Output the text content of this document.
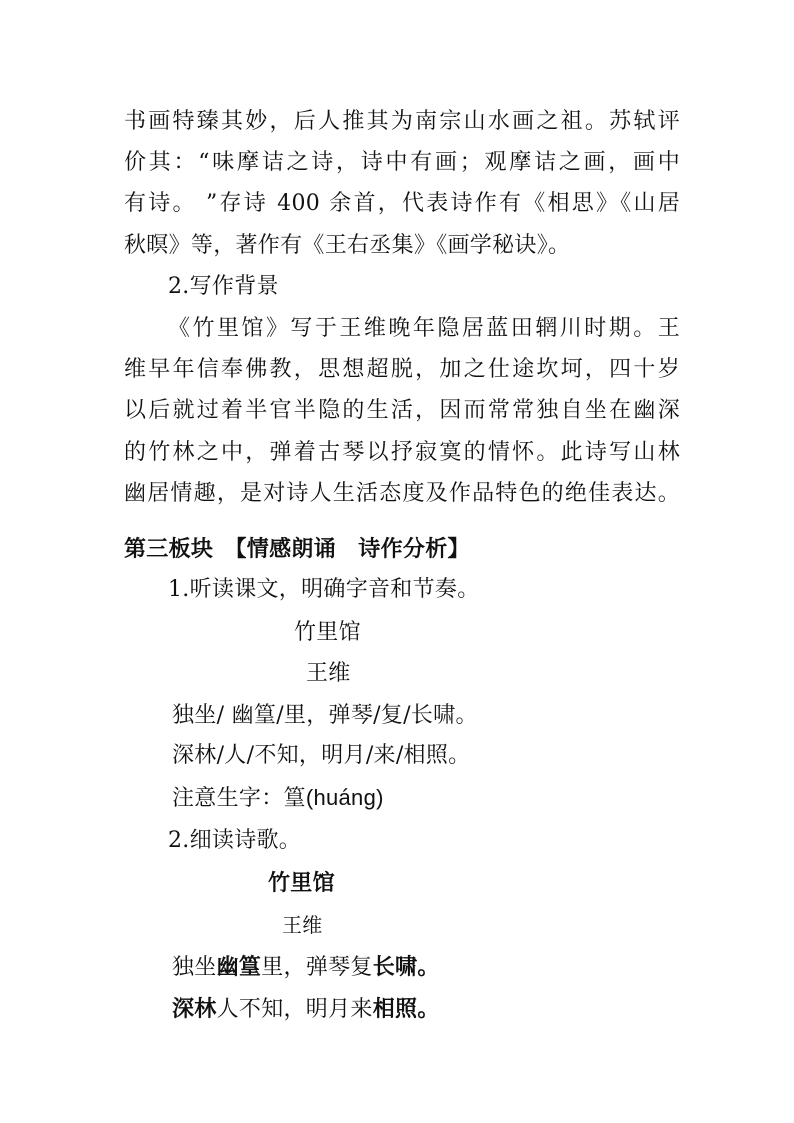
书画特臻其妙，后人推其为南宗山水画之祖。苏轼评
价其：“味摩诘之诗，诗中有画；观摩诘之画，画中
有诗。 ”存诗 400 余首，代表诗作有《相思》《山居
秋暝》等，著作有《王右丞集》《画学秘诀》。
2.写作背景
《竹里馆》写于王维晚年隐居蓝田辋川时期。王
维早年信奉佛教，思想超脱，加之仕途坎坷，四十岁
以后就过着半官半隐的生活，因而常常独自坐在幽深
的竹林之中，弹着古琴以抒寂寞的情怀。此诗写山林
幽居情趣，是对诗人生活态度及作品特色的绝佳表达。
第三板块　【情感朗诵　诗作分析】
1.听读课文，明确字音和节奏。
竹里馆
王维
独坐/ 幽篁/里，弹琴/复/长啸。
深林/人/不知，明月/来/相照。
注意生字：篁(huáng)
2.细读诗歌。
竹里馆
王维
独坐幽篁里，弹琴复长啸。
深林人不知，明月来相照。
